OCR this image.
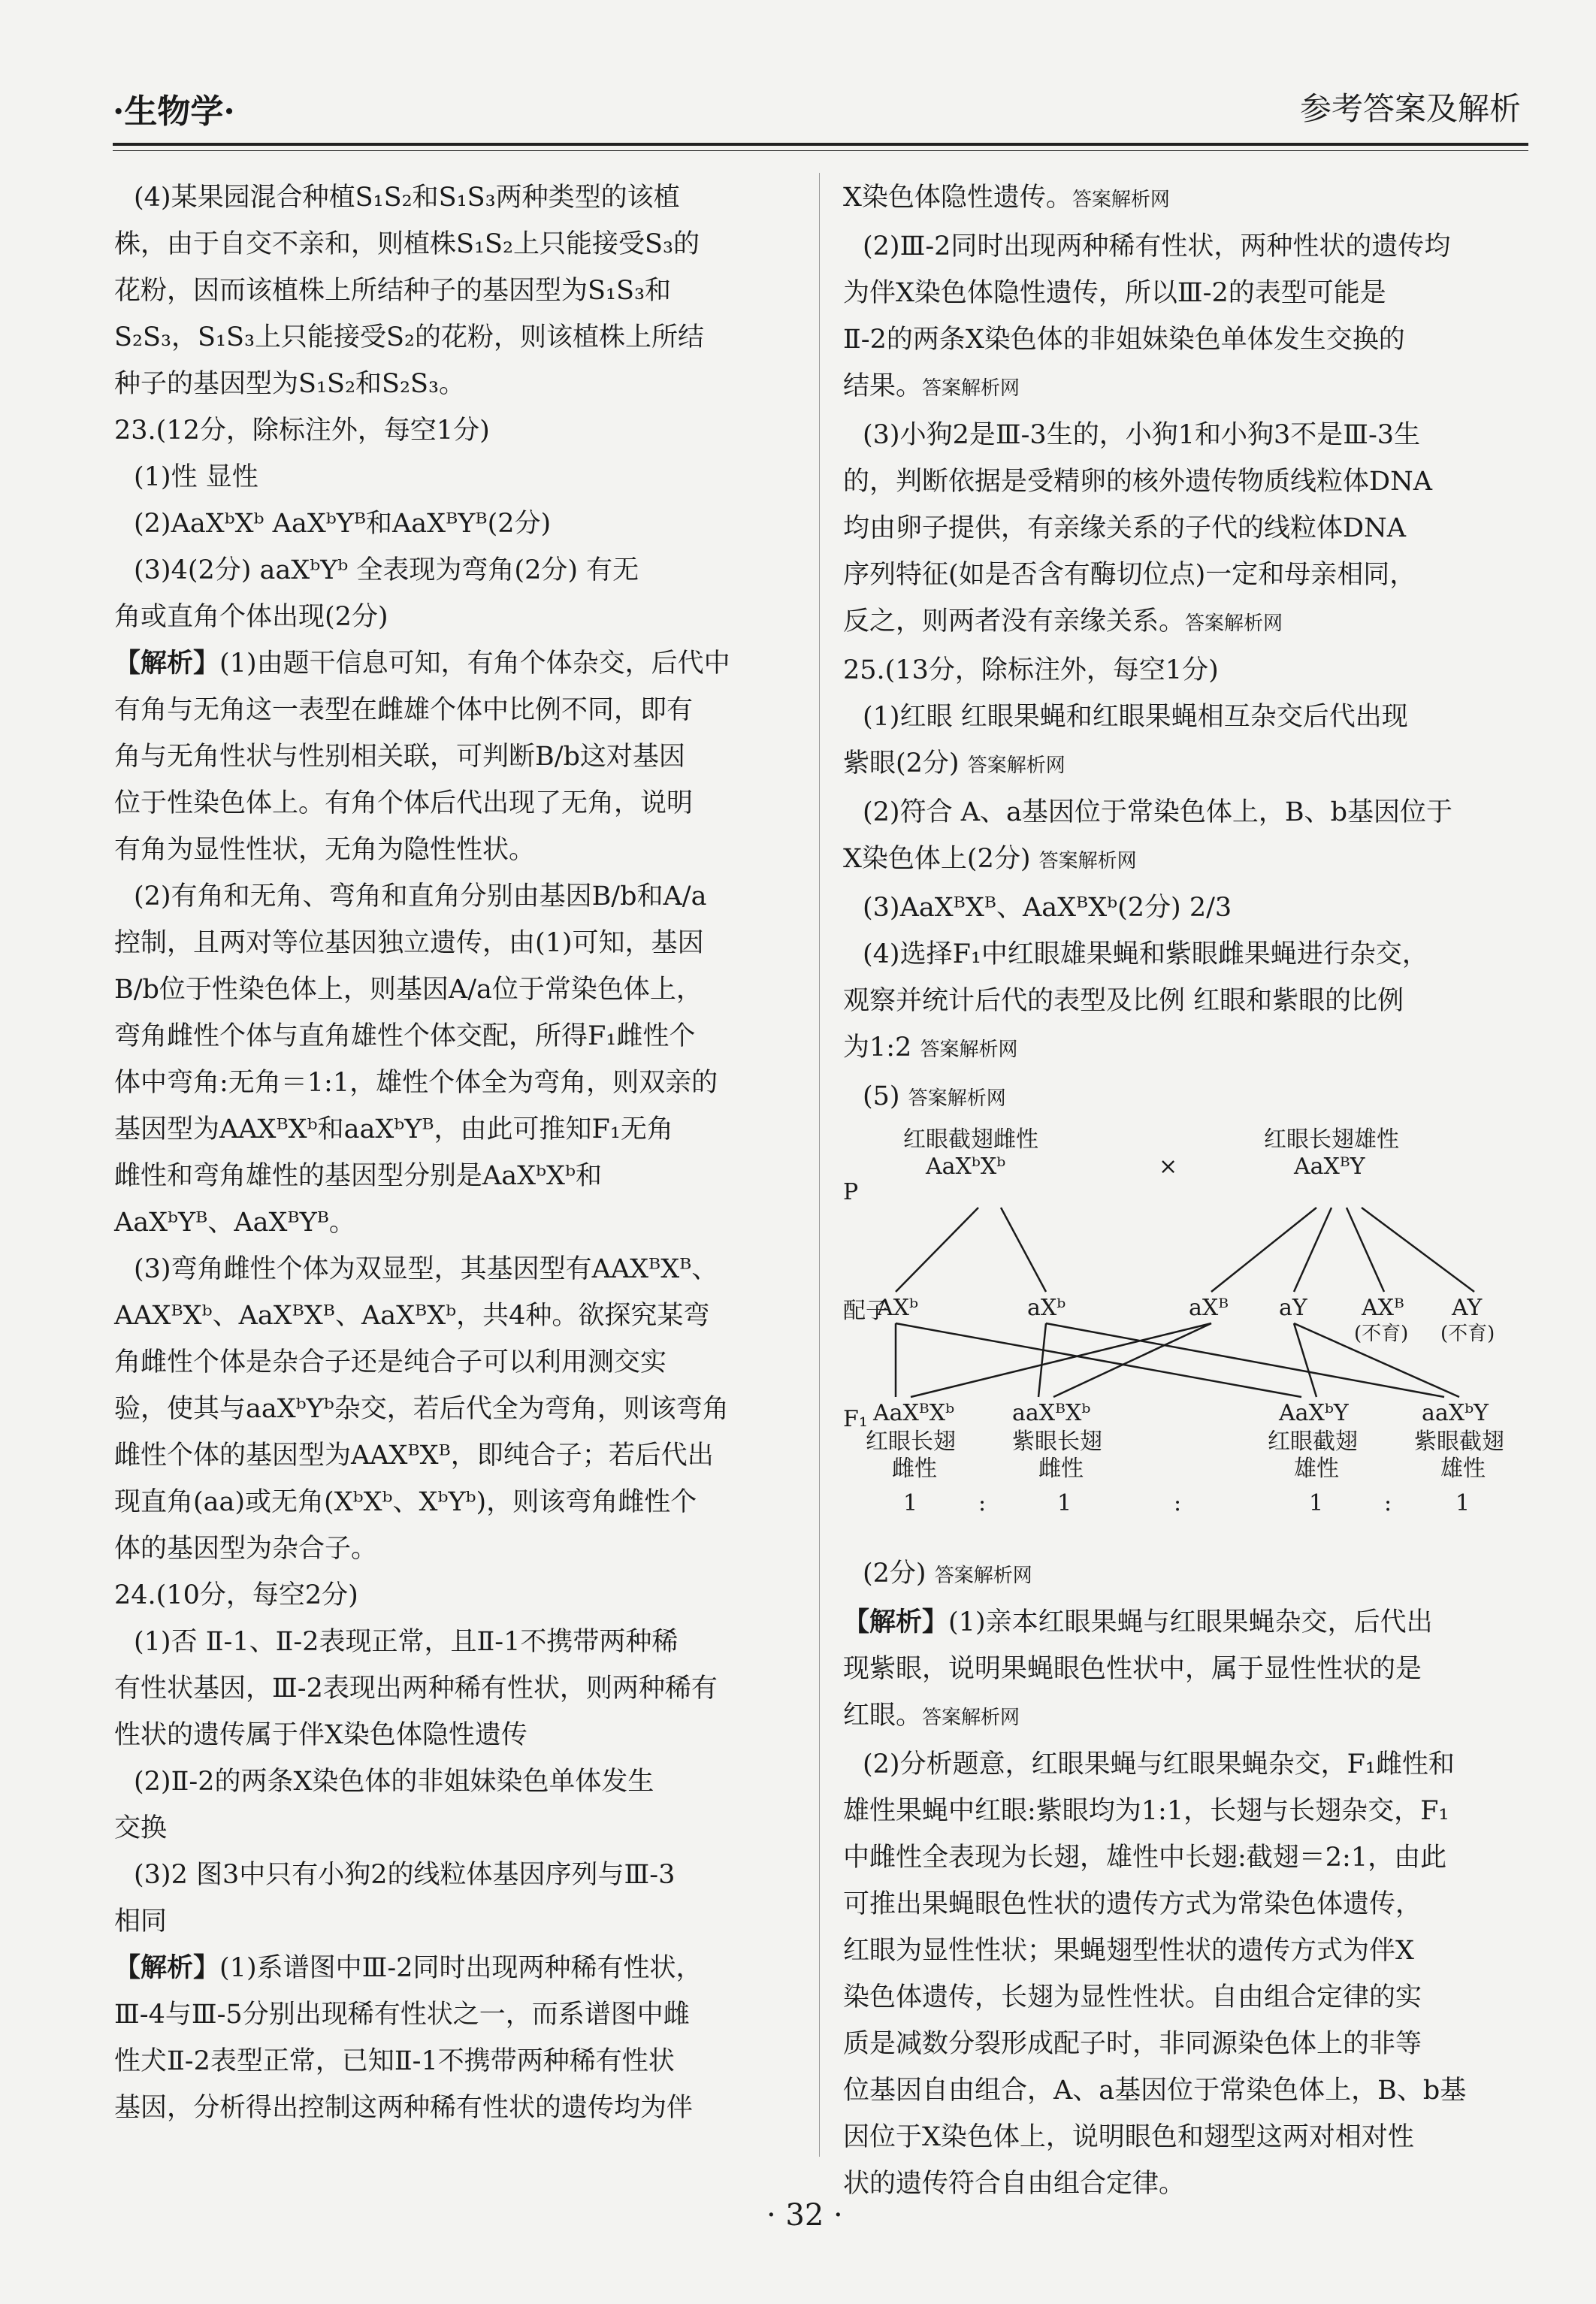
·生物学·	参考答案及解析

(4)某果园混合种植S₁S₂和S₁S₃两种类型的该植

株，由于自交不亲和，则植株S₁S₂上只能接受S₃的

花粉，因而该植株上所结种子的基因型为S₁S₃和

S₂S₃，S₁S₃上只能接受S₂的花粉，则该植株上所结

种子的基因型为S₁S₂和S₂S₃。

23.(12分，除标注外，每空1分)

(1)性 显性

(2)AaXᵇXᵇ AaXᵇYᴮ和AaXᴮYᴮ(2分)

(3)4(2分) aaXᵇYᵇ 全表现为弯角(2分) 有无

角或直角个体出现(2分)

【解析】(1)由题干信息可知，有角个体杂交，后代中

有角与无角这一表型在雌雄个体中比例不同，即有

角与无角性状与性别相关联，可判断B/b这对基因

位于性染色体上。有角个体后代出现了无角，说明

有角为显性性状，无角为隐性性状。

(2)有角和无角、弯角和直角分别由基因B/b和A/a

控制，且两对等位基因独立遗传，由(1)可知，基因

B/b位于性染色体上，则基因A/a位于常染色体上，

弯角雌性个体与直角雄性个体交配，所得F₁雌性个

体中弯角:无角＝1:1，雄性个体全为弯角，则双亲的

基因型为AAXᴮXᵇ和aaXᵇYᴮ，由此可推知F₁无角

雌性和弯角雄性的基因型分别是AaXᵇXᵇ和

AaXᵇYᴮ、AaXᴮYᴮ。

(3)弯角雌性个体为双显型，其基因型有AAXᴮXᴮ、

AAXᴮXᵇ、AaXᴮXᴮ、AaXᴮXᵇ，共4种。欲探究某弯

角雌性个体是杂合子还是纯合子可以利用测交实

验，使其与aaXᵇYᵇ杂交，若后代全为弯角，则该弯角

雌性个体的基因型为AAXᴮXᴮ，即纯合子；若后代出

现直角(aa)或无角(XᵇXᵇ、XᵇYᵇ)，则该弯角雌性个

体的基因型为杂合子。

24.(10分，每空2分)

(1)否 Ⅱ-1、Ⅱ-2表现正常，且Ⅱ-1不携带两种稀

有性状基因，Ⅲ-2表现出两种稀有性状，则两种稀有

性状的遗传属于伴X染色体隐性遗传

(2)Ⅱ-2的两条X染色体的非姐妹染色单体发生

交换

(3)2 图3中只有小狗2的线粒体基因序列与Ⅲ-3

相同

【解析】(1)系谱图中Ⅲ-2同时出现两种稀有性状，

Ⅲ-4与Ⅲ-5分别出现稀有性状之一，而系谱图中雌

性犬Ⅱ-2表型正常，已知Ⅱ-1不携带两种稀有性状

基因，分析得出控制这两种稀有性状的遗传均为伴

X染色体隐性遗传。答案解析网

(2)Ⅲ-2同时出现两种稀有性状，两种性状的遗传均

为伴X染色体隐性遗传，所以Ⅲ-2的表型可能是

Ⅱ-2的两条X染色体的非姐妹染色单体发生交换的

结果。答案解析网

(3)小狗2是Ⅲ-3生的，小狗1和小狗3不是Ⅲ-3生

的，判断依据是受精卵的核外遗传物质线粒体DNA

均由卵子提供，有亲缘关系的子代的线粒体DNA

序列特征(如是否含有酶切位点)一定和母亲相同，

反之，则两者没有亲缘关系。答案解析网

25.(13分，除标注外，每空1分)

(1)红眼 红眼果蝇和红眼果蝇相互杂交后代出现

紫眼(2分) 答案解析网

(2)符合 A、a基因位于常染色体上，B、b基因位于

X染色体上(2分) 答案解析网

(3)AaXᴮXᴮ、AaXᴮXᵇ(2分) 2/3

(4)选择F₁中红眼雄果蝇和紫眼雌果蝇进行杂交，

观察并统计后代的表型及比例 红眼和紫眼的比例

为1:2 答案解析网

(5) 答案解析网

P
红眼截翅雌性
AaXᵇXᵇ	×
红眼长翅雄性
AaXᴮY
配子
AXᵇ	aXᵇ	aXᴮ aY AXᴮ AY
(不育) (不育)
F₁ AaXᴮXᵇ
红眼长翅
雌性
aaXᴮXᵇ
紫眼长翅
雌性
AaXᵇY
红眼截翅
雄性
aaXᵇY
紫眼截翅
雄性
1	:	1	:	1	:	1

(2分) 答案解析网

【解析】(1)亲本红眼果蝇与红眼果蝇杂交，后代出

现紫眼，说明果蝇眼色性状中，属于显性性状的是

红眼。答案解析网

(2)分析题意，红眼果蝇与红眼果蝇杂交，F₁雌性和

雄性果蝇中红眼:紫眼均为1:1，长翅与长翅杂交，F₁

中雌性全表现为长翅，雄性中长翅:截翅＝2:1，由此

可推出果蝇眼色性状的遗传方式为常染色体遗传，

红眼为显性性状；果蝇翅型性状的遗传方式为伴X

染色体遗传，长翅为显性性状。自由组合定律的实

质是减数分裂形成配子时，非同源染色体上的非等

位基因自由组合，A、a基因位于常染色体上，B、b基

因位于X染色体上，说明眼色和翅型这两对相对性

状的遗传符合自由组合定律。

· 32 ·
